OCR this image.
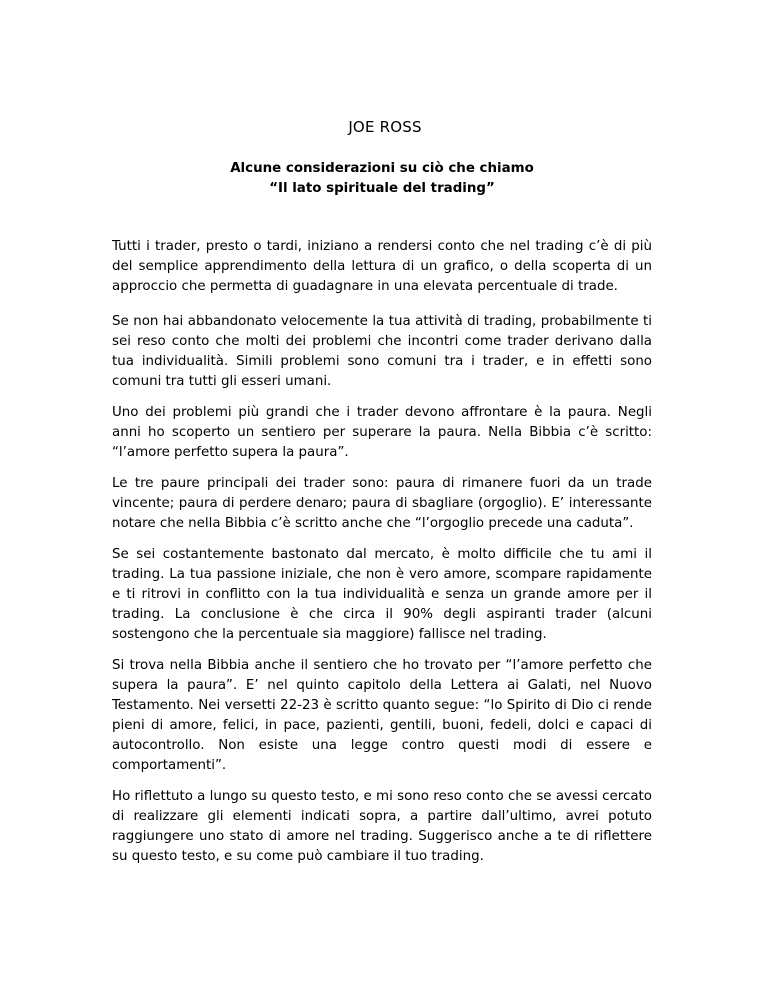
JOE ROSS
Alcune considerazioni su ciò che chiamo
“Il lato spirituale del trading”

Tutti i trader, presto o tardi, iniziano a rendersi conto che nel trading c’è di più del semplice apprendimento della lettura di un grafico, o della scoperta di un approccio che permetta di guadagnare in una elevata percentuale di trade.

Se non hai abbandonato velocemente la tua attività di trading, probabilmente ti sei reso conto che molti dei problemi che incontri come trader derivano dalla tua individualità. Simili problemi sono comuni tra i trader, e in effetti sono comuni tra tutti gli esseri umani.

Uno dei problemi più grandi che i trader devono affrontare è la paura. Negli anni ho scoperto un sentiero per superare la paura. Nella Bibbia c’è scritto: “l’amore perfetto supera la paura”.

Le tre paure principali dei trader sono: paura di rimanere fuori da un trade vincente; paura di perdere denaro; paura di sbagliare (orgoglio). E’ interessante notare che nella Bibbia c’è scritto anche che “l’orgoglio precede una caduta”.

Se sei costantemente bastonato dal mercato, è molto difficile che tu ami il trading. La tua passione iniziale, che non è vero amore, scompare rapidamente e ti ritrovi in conflitto con la tua individualità e senza un grande amore per il trading. La conclusione è che circa il 90% degli aspiranti trader (alcuni sostengono che la percentuale sia maggiore) fallisce nel trading.

Si trova nella Bibbia anche il sentiero che ho trovato per “l’amore perfetto che supera la paura”. E’ nel quinto capitolo della Lettera ai Galati, nel Nuovo Testamento. Nei versetti 22-23 è scritto quanto segue: “lo Spirito di Dio ci rende pieni di amore, felici, in pace, pazienti, gentili, buoni, fedeli, dolci e capaci di autocontrollo. Non esiste una legge contro questi modi di essere e comportamenti”.

Ho riflettuto a lungo su questo testo, e mi sono reso conto che se avessi cercato di realizzare gli elementi indicati sopra, a partire dall’ultimo, avrei potuto raggiungere uno stato di amore nel trading. Suggerisco anche a te di riflettere su questo testo, e su come può cambiare il tuo trading.
